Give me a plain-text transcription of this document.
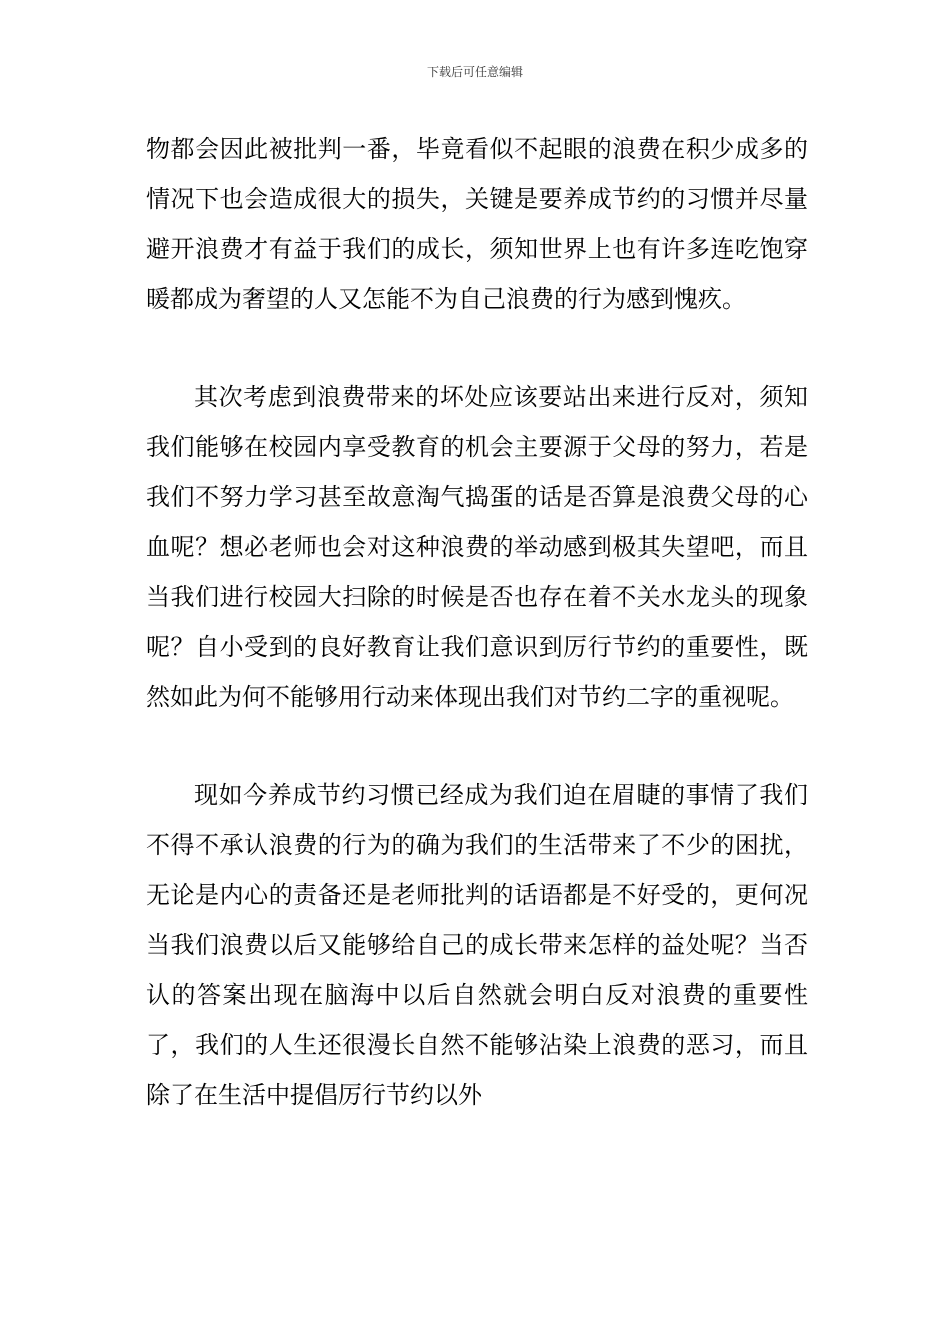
下载后可任意编辑

物都会因此被批判一番，毕竟看似不起眼的浪费在积少成多的情况下也会造成很大的损失，关键是要养成节约的习惯并尽量避开浪费才有益于我们的成长，须知世界上也有许多连吃饱穿暖都成为奢望的人又怎能不为自己浪费的行为感到愧疚。

其次考虑到浪费带来的坏处应该要站出来进行反对，须知我们能够在校园内享受教育的机会主要源于父母的努力，若是我们不努力学习甚至故意淘气捣蛋的话是否算是浪费父母的心血呢？想必老师也会对这种浪费的举动感到极其失望吧，而且当我们进行校园大扫除的时候是否也存在着不关水龙头的现象呢？自小受到的良好教育让我们意识到厉行节约的重要性，既然如此为何不能够用行动来体现出我们对节约二字的重视呢。

现如今养成节约习惯已经成为我们迫在眉睫的事情了我们不得不承认浪费的行为的确为我们的生活带来了不少的困扰，无论是内心的责备还是老师批判的话语都是不好受的，更何况当我们浪费以后又能够给自己的成长带来怎样的益处呢？当否认的答案出现在脑海中以后自然就会明白反对浪费的重要性了，我们的人生还很漫长自然不能够沾染上浪费的恶习，而且除了在生活中提倡厉行节约以外
